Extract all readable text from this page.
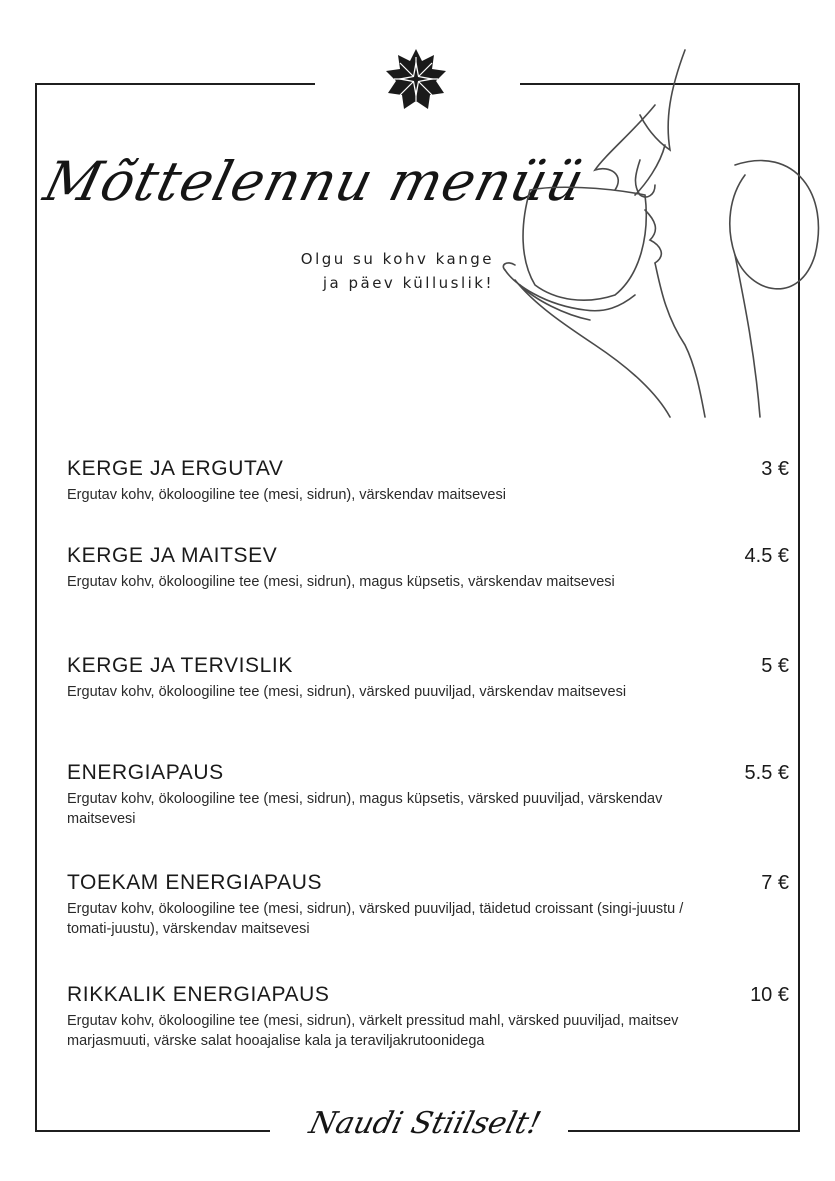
Mõttelennu menüü
Olgu su kohv kange
ja päev külluslik!
KERGE JA ERGUTAV	3 €
Ergutav kohv, ökoloogiline tee (mesi, sidrun), värskendav maitsevesi
KERGE JA MAITSEV	4.5 €
Ergutav kohv, ökoloogiline tee (mesi, sidrun), magus küpsetis, värskendav maitsevesi
KERGE JA TERVISLIK	5 €
Ergutav kohv, ökoloogiline tee (mesi, sidrun), värsked puuviljad, värskendav maitsevesi
ENERGIAPAUS	5.5 €
Ergutav kohv, ökoloogiline tee (mesi, sidrun), magus küpsetis, värsked puuviljad, värskendav maitsevesi
TOEKAM ENERGIAPAUS	7 €
Ergutav kohv, ökoloogiline tee (mesi, sidrun), värsked puuviljad, täidetud croissant (singi-juustu / tomati-juustu), värskendav maitsevesi
RIKKALIK ENERGIAPAUS	10 €
Ergutav kohv, ökoloogiline tee (mesi, sidrun), värkelt pressitud mahl, värsked puuviljad, maitsev marjasmuuti, värske salat hooajalise kala ja teraviljakrutoonidega
Naudi Stiilselt!
